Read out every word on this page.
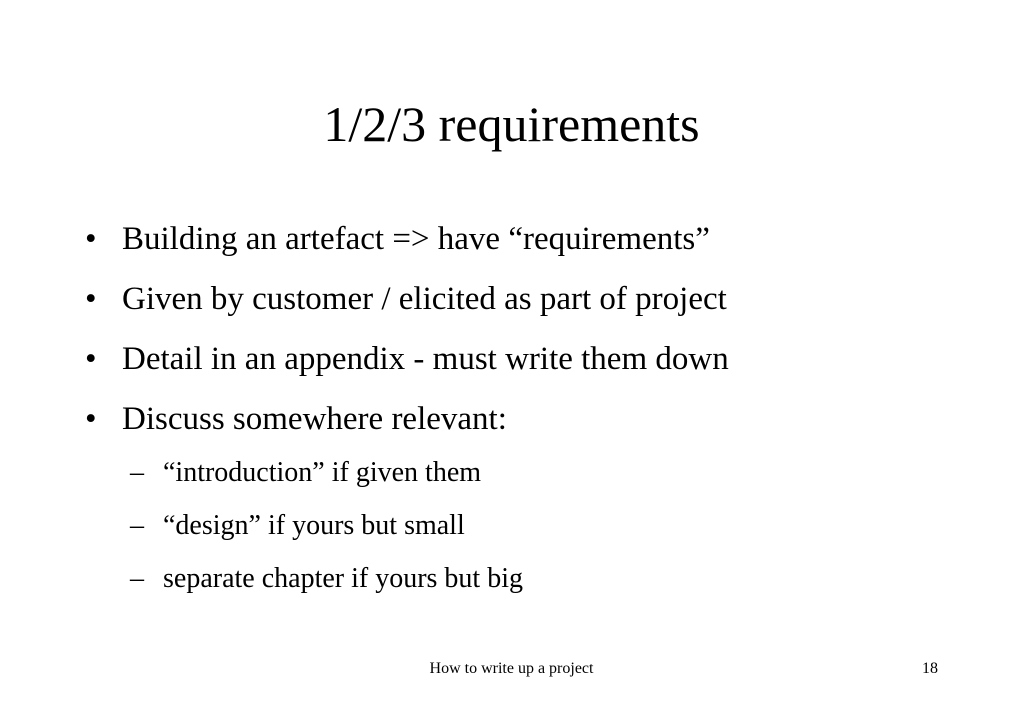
1/2/3 requirements
• Building an artefact => have “requirements”
• Given by customer / elicited as part of project
• Detail in an appendix - must write them down
• Discuss somewhere relevant:
– “introduction” if given them
– “design” if yours but small
– separate chapter if yours but big
How to write up a project	18
